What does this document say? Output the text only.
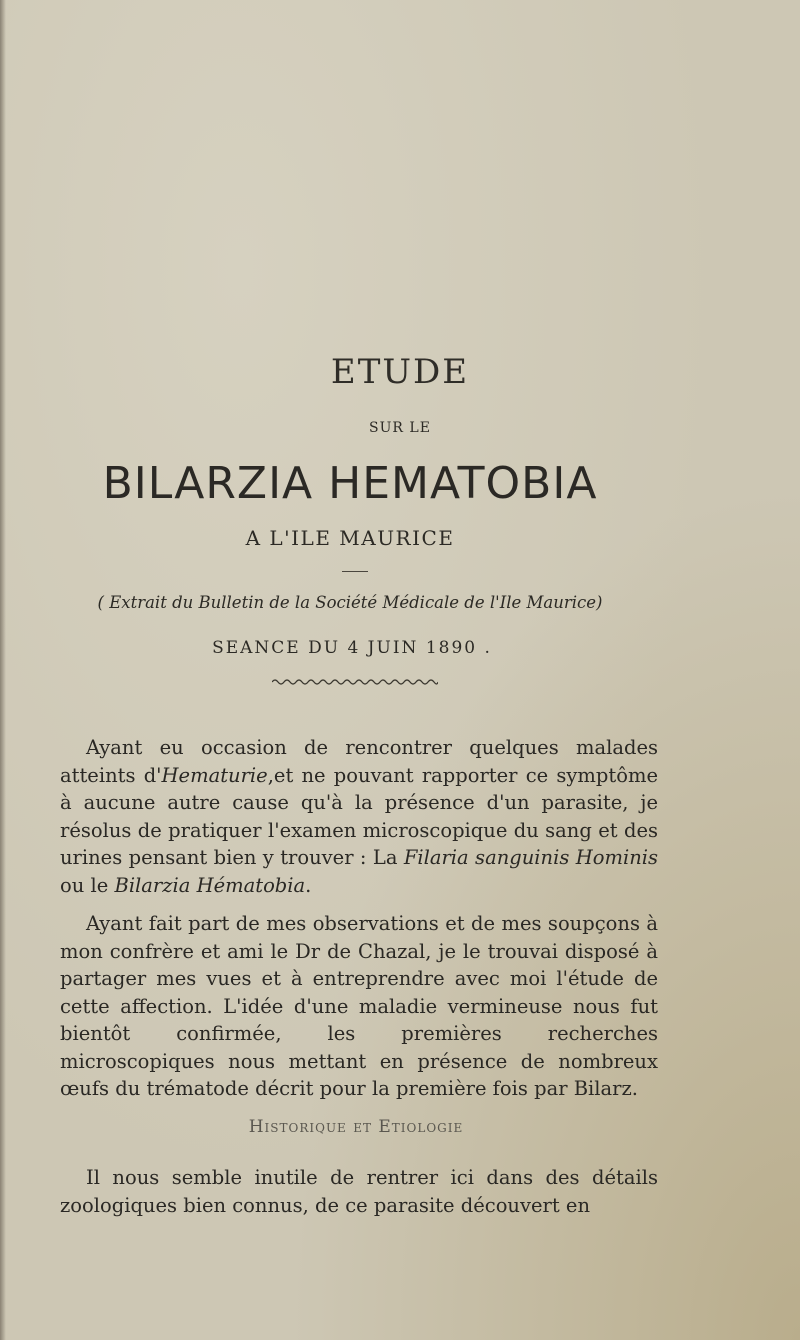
ETUDE
SUR LE
BILARZIA HEMATOBIA
A L'ILE MAURICE
( Extrait du Bulletin de la Société Médicale de l'Ile Maurice)
SEANCE DU 4 JUIN 1890 .
Ayant eu occasion de rencontrer quelques malades atteints d'Hematurie,et ne pouvant rapporter ce symptôme à aucune autre cause qu'à la présence d'un parasite, je résolus de pratiquer l'examen microscopique du sang et des urines pensant bien y trouver : La Filaria sanguinis Hominis ou le Bilarzia Hématobia.
Ayant fait part de mes observations et de mes soupçons à mon confrère et ami le Dr de Chazal, je le trouvai disposé à partager mes vues et à entreprendre avec moi l'étude de cette affection. L'idée d'une maladie vermineuse nous fut bientôt confirmée, les premières recherches microscopiques nous mettant en présence de nombreux œufs du trématode décrit pour la première fois par Bilarz.
Historique et Etiologie
Il nous semble inutile de rentrer ici dans des détails zoologiques bien connus, de ce parasite découvert en
